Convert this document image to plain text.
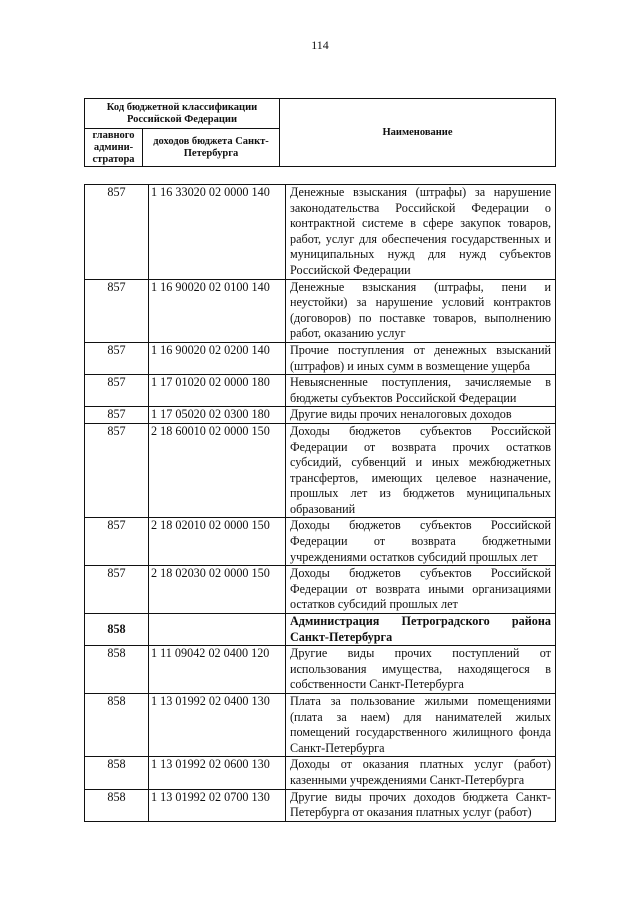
114
Код бюджетной классификации Российской Федерации		Наименование
главного админи-стратора	доходов бюджета Санкт-Петербурга	
857	1 16 33020 02 0000 140	Денежные взыскания (штрафы) за нарушение законодательства Российской Федерации о контрактной системе в сфере закупок товаров, работ, услуг для обеспечения государственных и муниципальных нужд для нужд субъектов Российской Федерации
857	1 16 90020 02 0100 140	Денежные взыскания (штрафы, пени и неустойки) за нарушение условий контрактов (договоров) по поставке товаров, выполнению работ, оказанию услуг
857	1 16 90020 02 0200 140	Прочие поступления от денежных взысканий (штрафов) и иных сумм в возмещение ущерба
857	1 17 01020 02 0000 180	Невыясненные поступления, зачисляемые в бюджеты субъектов Российской Федерации
857	1 17 05020 02 0300 180	Другие виды прочих неналоговых доходов
857	2 18 60010 02 0000 150	Доходы бюджетов субъектов Российской Федерации от возврата прочих остатков субсидий, субвенций и иных межбюджетных трансфертов, имеющих целевое назначение, прошлых лет из бюджетов муниципальных образований
857	2 18 02010 02 0000 150	Доходы бюджетов субъектов Российской Федерации от возврата бюджетными учреждениями остатков субсидий прошлых лет
857	2 18 02030 02 0000 150	Доходы бюджетов субъектов Российской Федерации от возврата иными организациями остатков субсидий прошлых лет
858		Администрация Петроградского района Санкт-Петербурга
858	1 11 09042 02 0400 120	Другие виды прочих поступлений от использования имущества, находящегося в собственности Санкт-Петербурга
858	1 13 01992 02 0400 130	Плата за пользование жилыми помещениями (плата за наем) для нанимателей жилых помещений государственного жилищного фонда Санкт-Петербурга
858	1 13 01992 02 0600 130	Доходы от оказания платных услуг (работ) казенными учреждениями Санкт-Петербурга
858	1 13 01992 02 0700 130	Другие виды прочих доходов бюджета Санкт-Петербурга от оказания платных услуг (работ)
